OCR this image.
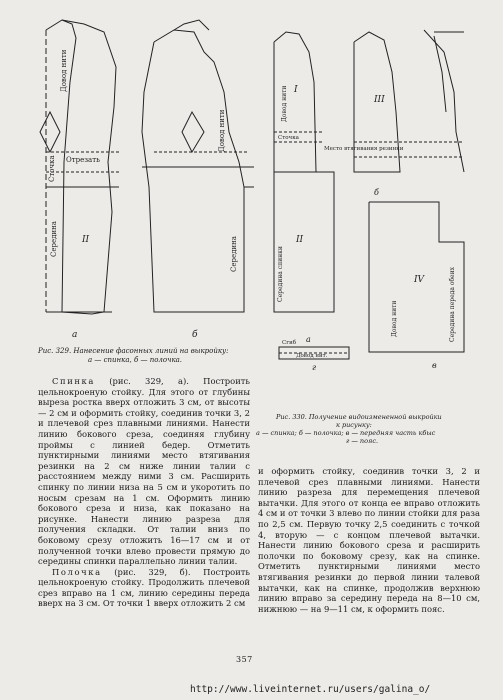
Довод нити
Середина
Сточка Отрезать
II
а
Довод нити
Середина
б
I
II
III
IV
Довод нити
Середина спинки
Сточка
Место втягивания резинки
Довод нити	Середина переда обеих
а
б
в
г
Сгиб
Довод нит.
Рис. 329. Нанесение фасонных линий на выкройку:
а — спинка, б — полочка.
Рис. 330. Получение видоизмененной выкройки
к рисунку:
а — спинка; б — полочка; в — передняя часть кбыс
г — пояс.

Спинка (рис. 329, а). Построить цельнокроеную стойку. Для этого от глубины выреза ростка вверх отложить 3 см, от высоты — 2 см и оформить стойку, соединив точки 3, 2 и плечевой срез плавными линиями. Нанести линию бокового среза, соединяя глубину проймы с линией бедер. Отметить пунктирными линиями место втягивания резинки на 2 см ниже линии талии с расстоянием между ними 3 см. Расширить спинку по линии низа на 5 см и укоротить по носым срезам на 1 см. Оформить линию бокового среза и низа, как показано на рисунке. Нанести линию разреза для получения складки. От талии вниз по боковому срезу отложить 16—17 см и от полученной точки влево провести прямую до середины спинки параллельно линии талии.

Полочка (рис. 329, б). Построить цельнокроеную стойку. Продолжить плечевой срез вправо на 1 см, линию середины переда вверх на 3 см. От точки 1 вверх отложить 2 см

и оформить стойку, соединив точки 3, 2 и плечевой срез плавными линиями. Нанести линию разреза для перемещения плечевой вытачки. Для этого от конца ее вправо отложить 4 см и от точки 3 влево по линии стойки для раза по 2,5 см. Первую точку 2,5 соединить с точкой 4, вторую — с концом плечевой вытачки. Нанести линию бокового среза и расширить полочки по боковому срезу, как на спинке. Отметить пунктирными линиями место втягивания резинки до первой линии талевой вытачки, как на спинке, продолжив верхнюю линию вправо за середину переда на 8—10 см, нижнюю — на 9—11 см, к оформить пояс.

357
http://www.liveinternet.ru/users/galina_o/
